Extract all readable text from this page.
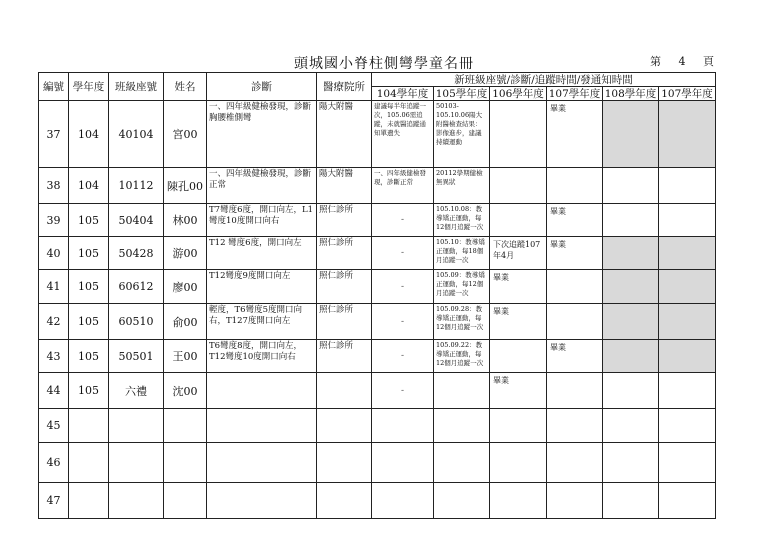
頭城國小脊柱側彎學童名冊	第 4 頁
編號	學年度	班級座號	姓名	診斷	醫療院所	新班級座號/診斷/追蹤時間/發通知時間					
						104學年度	105學年度	106學年度	107學年度	108學年度	107學年度
37	104	40104	宮00	一、四年級健檢發現，診斷胸腰椎側彎	陽大附醫	建議每半年追蹤一次，105.06需追蹤，未就醫追蹤通知單遺失	50103-105.10.06陽大附醫檢查結果：影像進步，建議持續運動		畢業		
38	104	10112	陳孔00	一、四年級健檢發現，診斷正常	陽大附醫	一、四年級健檢發現，診斷正常	20112學期健檢無異狀				
39	105	50404	林00	T7彎度6度，開口向左，L1彎度10度開口向右	照仁診所	-	105.10.08：教導矯正運動，每12個月追蹤一次		畢業		
40	105	50428	游00	T12 彎度6度，開口向左	照仁診所	-	105.10：教導矯正運動，每18個月追蹤一次	下次追蹤107年4月	畢業		
41	105	60612	廖00	T12彎度9度開口向左	照仁診所	-	105.09：教導矯正運動，每12個月追蹤一次	畢業			
42	105	60510	俞00	輕度，T6彎度5度開口向右，T127度開口向左	照仁診所	-	105.09.28：教導矯正運動，每12個月追蹤一次	畢業			
43	105	50501	王00	T6彎度8度，開口向左，T12彎度10度開口向右	照仁診所	-	105.09.22：教導矯正運動，每12個月追蹤一次		畢業		
44	105	六禮	沈00			-		畢業			
45											
46											
47											
